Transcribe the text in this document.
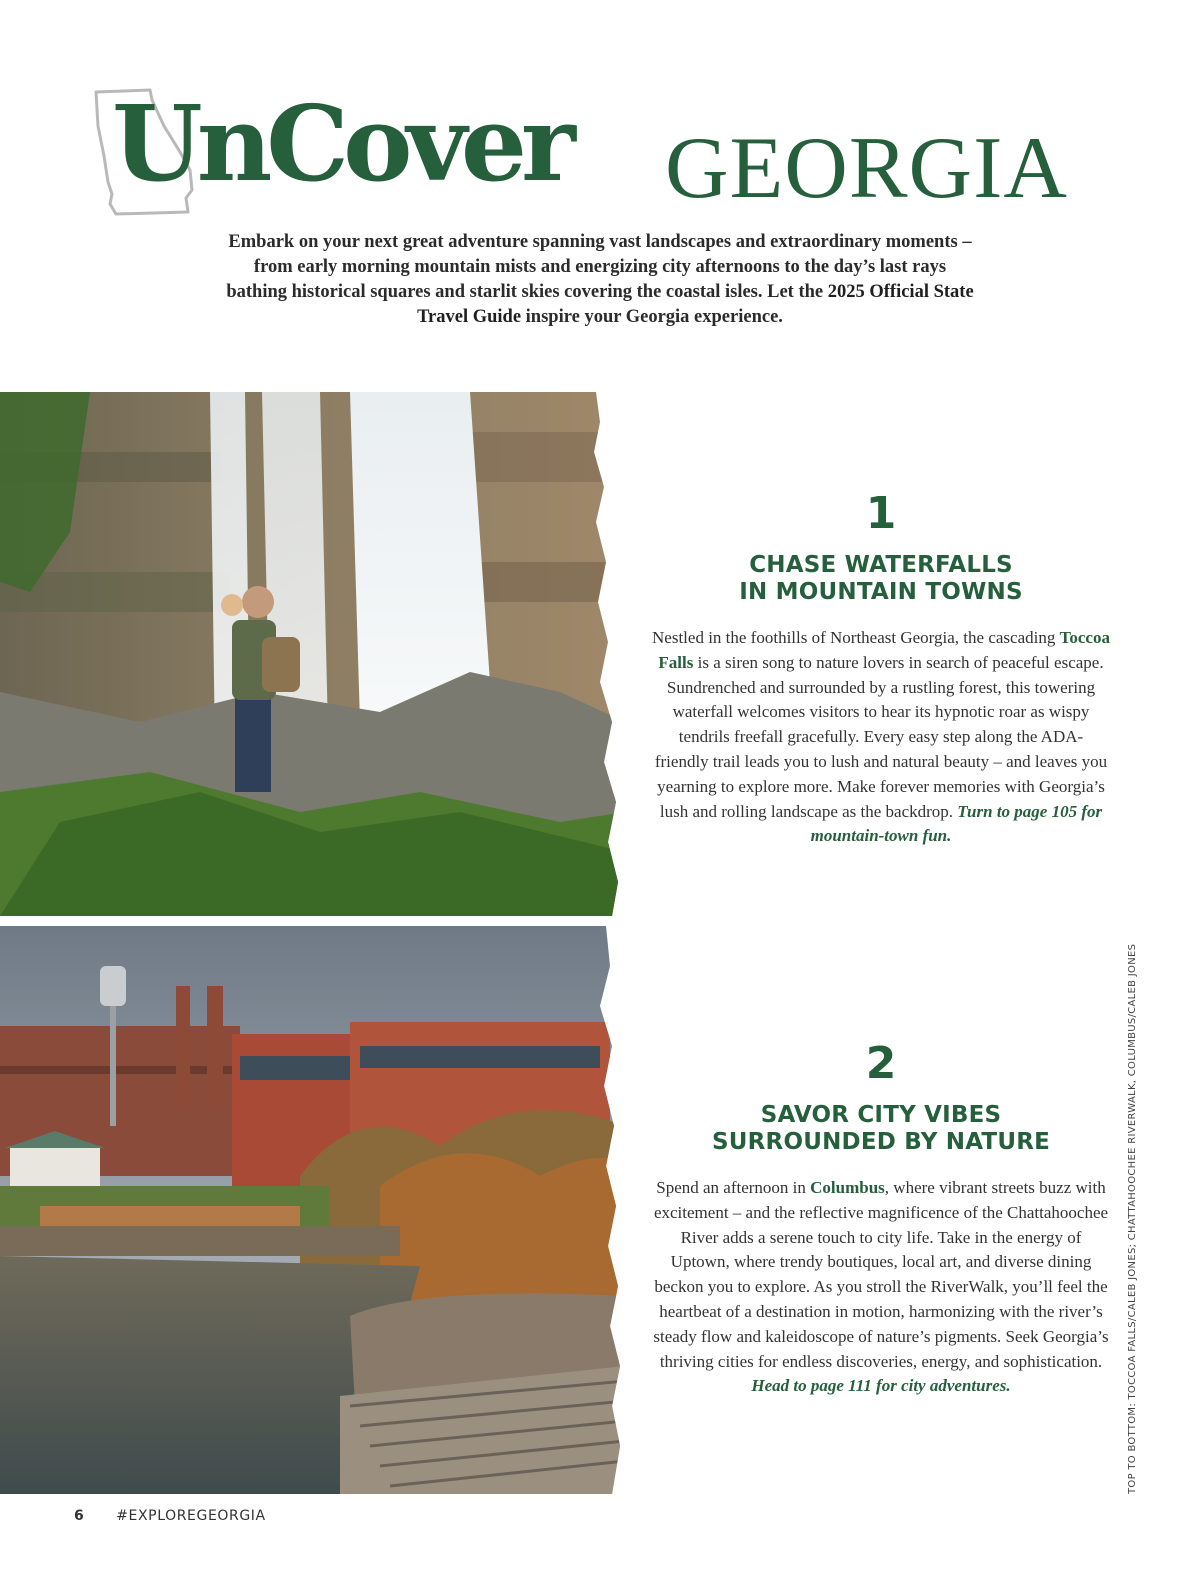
UnCover GEORGIA

Embark on your next great adventure spanning vast landscapes and extraordinary moments – from early morning mountain mists and energizing city afternoons to the day’s last rays bathing historical squares and starlit skies covering the coastal isles. Let the 2025 Official State Travel Guide inspire your Georgia experience.

1
CHASE WATERFALLS
IN MOUNTAIN TOWNS

Nestled in the foothills of Northeast Georgia, the cascading Toccoa Falls is a siren song to nature lovers in search of peaceful escape. Sundrenched and surrounded by a rustling forest, this towering waterfall welcomes visitors to hear its hypnotic roar as wispy tendrils freefall gracefully. Every easy step along the ADA-friendly trail leads you to lush and natural beauty – and leaves you yearning to explore more. Make forever memories with Georgia’s lush and rolling landscape as the backdrop. Turn to page 105 for mountain-town fun.

2
SAVOR CITY VIBES
SURROUNDED BY NATURE

Spend an afternoon in Columbus, where vibrant streets buzz with excitement – and the reflective magnificence of the Chattahoochee River adds a serene touch to city life. Take in the energy of Uptown, where trendy boutiques, local art, and diverse dining beckon you to explore. As you stroll the RiverWalk, you’ll feel the heartbeat of a destination in motion, harmonizing with the river’s steady flow and kaleidoscope of nature’s pigments. Seek Georgia’s thriving cities for endless discoveries, energy, and sophistication. Head to page 111 for city adventures.	TOP TO BOTTOM: TOCCOA FALLS/CALEB JONES; CHATTAHOOCHEE RIVERWALK, COLUMBUS/CALEB JONES
6 #EXPLOREGEORGIA
